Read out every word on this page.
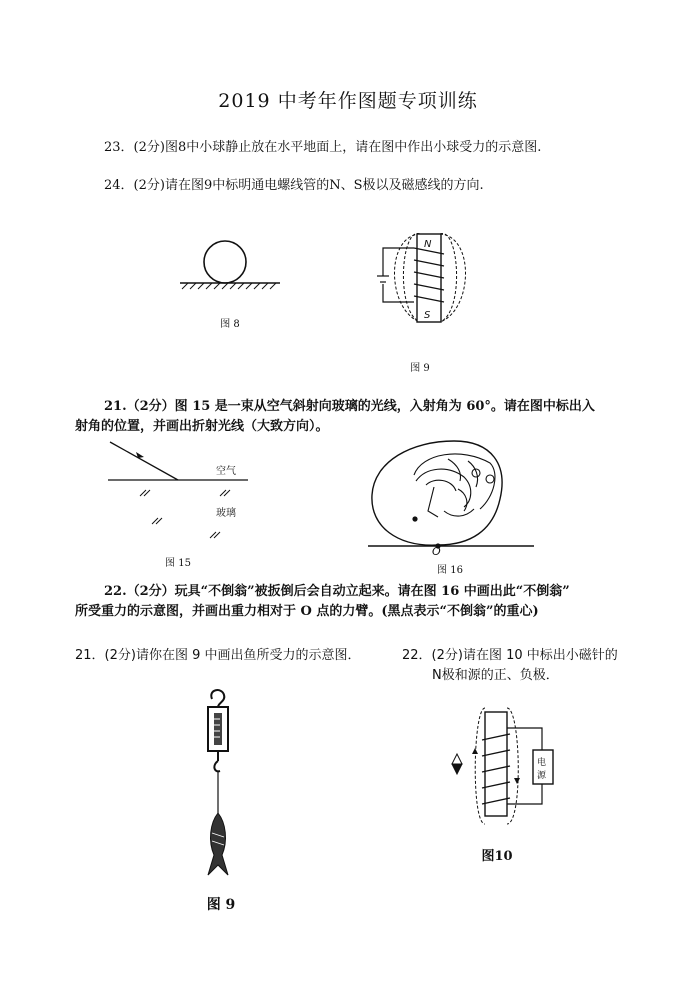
2019 中考年作图题专项训练
23．(2分)图8中小球静止放在水平地面上，请在图中作出小球受力的示意图.
24．(2分)请在图9中标明通电螺线管的N、S极以及磁感线的方向.
图 8
N
S
图 9
21.（2分）图 15 是一束从空气斜射向玻璃的光线，入射角为 60°。请在图中标出入
射角的位置，并画出折射光线（大致方向）。
空气
玻璃
图 15
O
图 16
22.（2分）玩具“不倒翁”被扳倒后会自动立起来。请在图 16 中画出此“不倒翁”
所受重力的示意图，并画出重力相对于 O 点的力臂。(黑点表示“不倒翁”的重心)
21．(2分)请你在图 9 中画出鱼所受力的示意图．	22．(2分)请在图 10 中标出小磁针的
N极和源的正、负极．
图 9
电
源
图10
